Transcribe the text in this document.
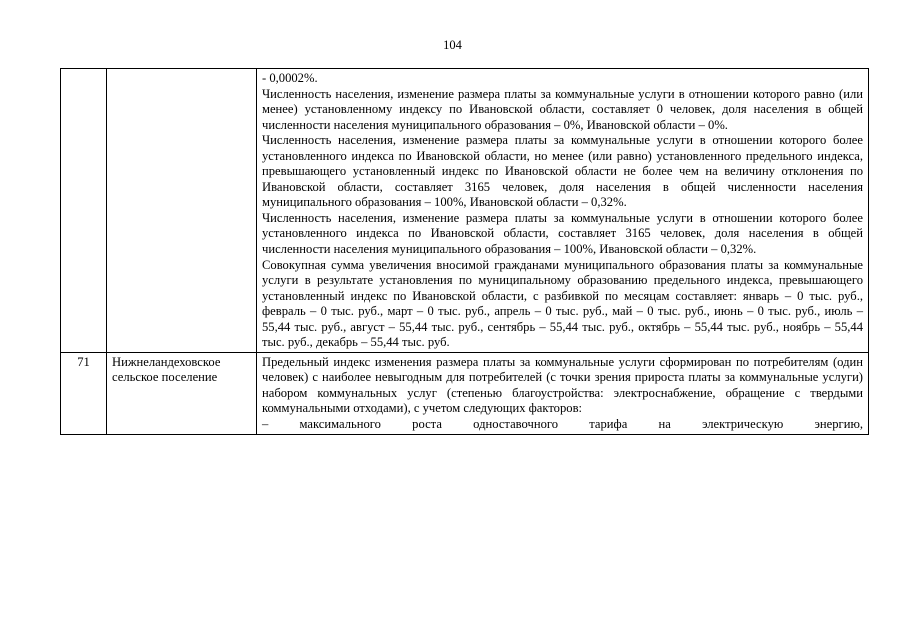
104

		- 0,0002%.

Численность населения, изменение размера платы за коммунальные услуги в отношении которого равно (или менее) установленному индексу по Ивановской области, составляет 0 человек, доля населения в общей численности населения муниципального образования – 0%, Ивановской области – 0%.

Численность населения, изменение размера платы за коммунальные услуги в отношении которого более установленного индекса по Ивановской области, но менее (или равно) установленного предельного индекса, превышающего установленный индекс по Ивановской области не более чем на величину отклонения по Ивановской области, составляет 3165 человек, доля населения в общей численности населения муниципального образования – 100%, Ивановской области – 0,32%.

Численность населения, изменение размера платы за коммунальные услуги в отношении которого более установленного индекса по Ивановской области, составляет 3165 человек, доля населения в общей численности населения муниципального образования – 100%, Ивановской области – 0,32%.

Совокупная сумма увеличения вносимой гражданами муниципального образования платы за коммунальные услуги в результате установления по муниципальному образованию предельного индекса, превышающего установленный индекс по Ивановской области, с разбивкой по месяцам составляет: январь – 0 тыс. руб., февраль – 0 тыс. руб., март – 0 тыс. руб., апрель – 0 тыс. руб., май – 0 тыс. руб., июнь – 0 тыс. руб., июль – 55,44 тыс. руб., август – 55,44 тыс. руб., сентябрь – 55,44 тыс. руб., октябрь – 55,44 тыс. руб., ноябрь – 55,44 тыс. руб., декабрь – 55,44 тыс. руб.

71	Нижнеландеховское сельское поселение	Предельный индекс изменения размера платы за коммунальные услуги сформирован по потребителям (один человек) с наиболее невыгодным для потребителей (с точки зрения прироста платы за коммунальные услуги) набором коммунальных услуг (степенью благоустройства: электроснабжение, обращение с твердыми коммунальными отходами), с учетом следующих факторов:

– максимального роста одноставочного тарифа на электрическую энергию,
